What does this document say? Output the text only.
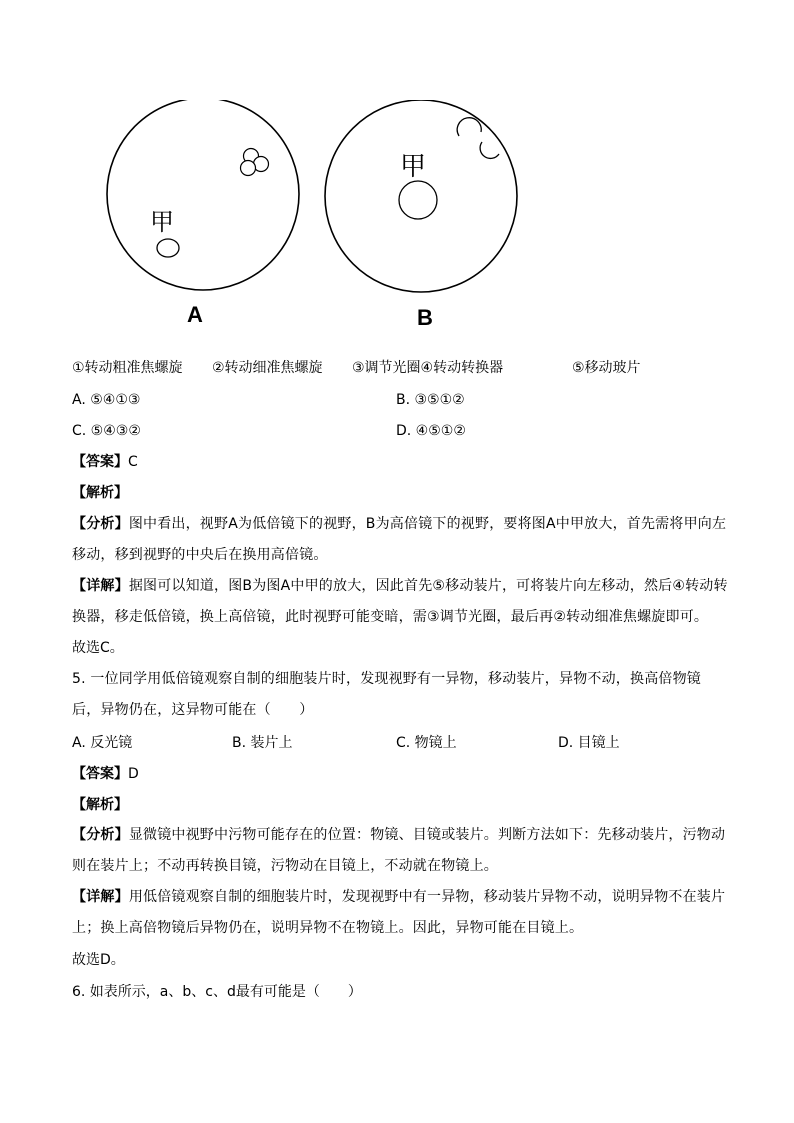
甲
A
甲
B
①转动粗准焦螺旋 ②转动细准焦螺旋 ③调节光圈④转动转换器	⑤移动玻片
A. ⑤④①③	B. ③⑤①②
C. ⑤④③②	D. ④⑤①②
【答案】C
【解析】
【分析】图中看出，视野A为低倍镜下的视野，B为高倍镜下的视野，要将图A中甲放大，首先需将甲向左移动，移到视野的中央后在换用高倍镜。
【详解】据图可以知道，图B为图A中甲的放大，因此首先⑤移动装片，可将装片向左移动，然后④转动转换器，移走低倍镜，换上高倍镜，此时视野可能变暗，需③调节光圈，最后再②转动细准焦螺旋即可。
故选C。
5. 一位同学用低倍镜观察自制的细胞装片时，发现视野有一异物，移动装片，异物不动，换高倍物镜后，异物仍在，这异物可能在（　　）
A. 反光镜	B. 装片上	C. 物镜上	D. 目镜上
【答案】D
【解析】
【分析】显微镜中视野中污物可能存在的位置：物镜、目镜或装片。判断方法如下：先移动装片，污物动则在装片上；不动再转换目镜，污物动在目镜上，不动就在物镜上。
【详解】用低倍镜观察自制的细胞装片时，发现视野中有一异物，移动装片异物不动，说明异物不在装片上；换上高倍物镜后异物仍在，说明异物不在物镜上。因此，异物可能在目镜上。
故选D。
6. 如表所示，a、b、c、d最有可能是（　　）
